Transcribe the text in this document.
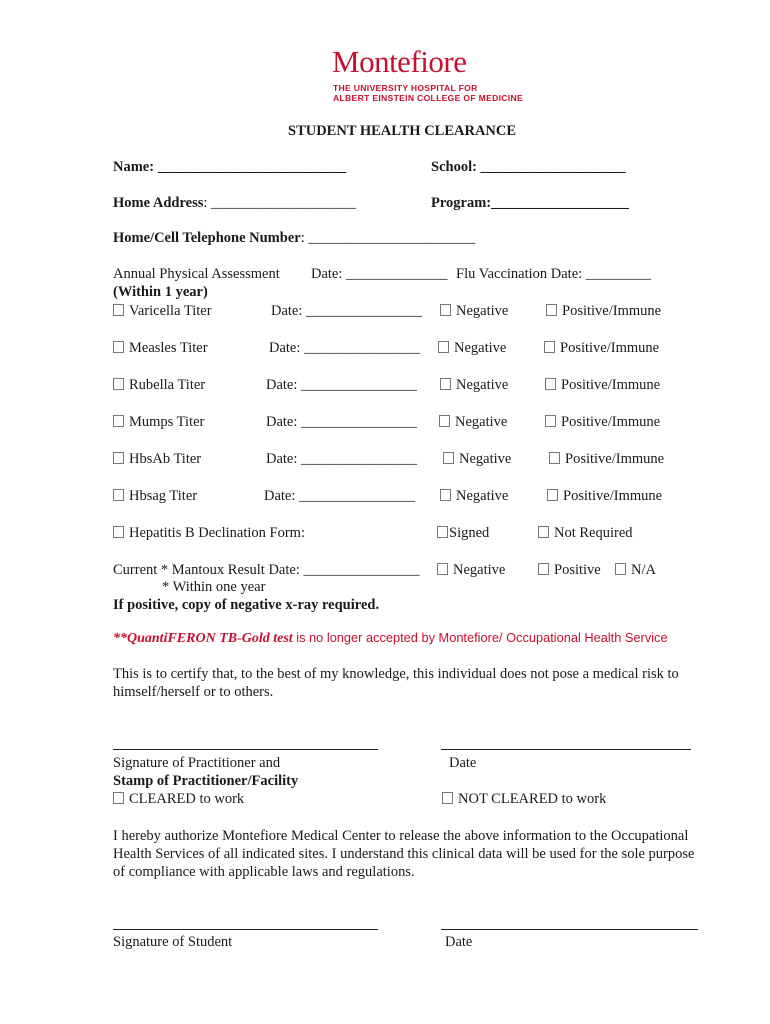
Montefiore
THE UNIVERSITY HOSPITAL FOR
ALBERT EINSTEIN COLLEGE OF MEDICINE
STUDENT HEALTH CLEARANCE
Name: __________________________	School: ____________________
Home Address: ____________________	Program:___________________
Home/Cell Telephone Number: _______________________
Annual Physical Assessment Date: ______________ Flu Vaccination Date: _________
(Within 1 year)
Varicella Titer	Date: ________________	Negative	Positive/Immune
Measles Titer	Date: ________________	Negative	Positive/Immune
Rubella Titer	Date: ________________	Negative	Positive/Immune
Mumps Titer	Date: ________________	Negative	Positive/Immune
HbsAb Titer	Date: ________________	Negative	Positive/Immune
Hbsag Titer	Date: ________________	Negative	Positive/Immune
Hepatitis B Declination Form:	Signed	Not Required
Current * Mantoux Result Date: ________________	Negative	Positive	N/A
* Within one year
If positive, copy of negative x-ray required.
**QuantiFERON TB-Gold test is no longer accepted by Montefiore/ Occupational Health Service
This is to certify that, to the best of my knowledge, this individual does not pose a medical risk to himself/herself or to others.
Signature of Practitioner and	Date
Stamp of Practitioner/Facility
CLEARED to work	NOT CLEARED to work
I hereby authorize Montefiore Medical Center to release the above information to the Occupational Health Services of all indicated sites. I understand this clinical data will be used for the sole purpose of compliance with applicable laws and regulations.
Signature of Student	Date
